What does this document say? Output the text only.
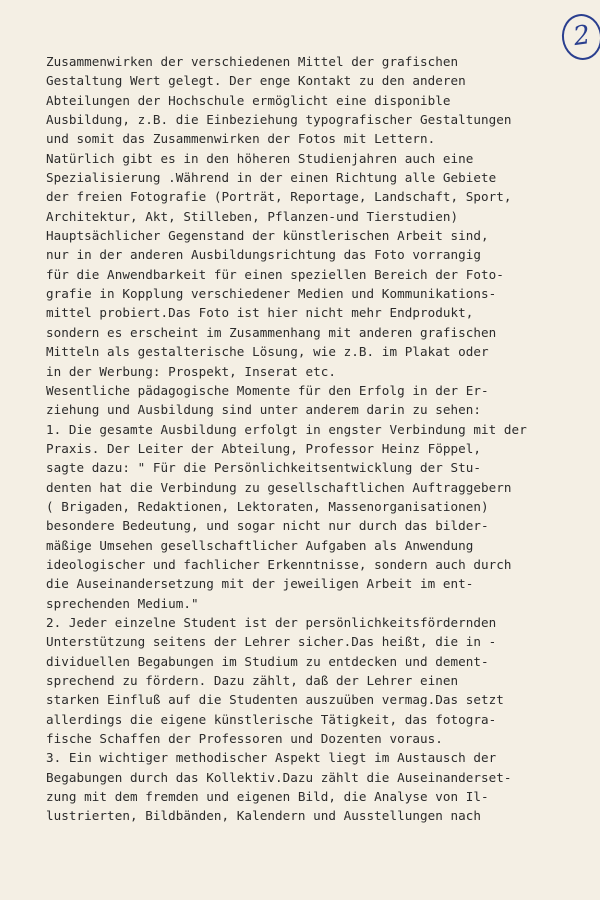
2
Zusammenwirken der verschiedenen Mittel der grafischen
Gestaltung Wert gelegt. Der enge Kontakt zu den anderen
Abteilungen der Hochschule ermöglicht eine disponible
Ausbildung, z.B. die Einbeziehung typografischer Gestaltungen
und somit das Zusammenwirken der Fotos mit Lettern.
Natürlich gibt es in den höheren Studienjahren auch eine
Spezialisierung .Während in der einen Richtung alle Gebiete
der freien Fotografie (Porträt, Reportage, Landschaft, Sport,
Architektur, Akt, Stilleben, Pflanzen-und Tierstudien)
Hauptsächlicher Gegenstand der künstlerischen Arbeit sind,
nur in der anderen Ausbildungsrichtung das Foto vorrangig
für die Anwendbarkeit für einen speziellen Bereich der Foto-
grafie in Kopplung verschiedener Medien und Kommunikations-
mittel probiert.Das Foto ist hier nicht mehr Endprodukt,
sondern es erscheint im Zusammenhang mit anderen grafischen
Mitteln als gestalterische Lösung, wie z.B. im Plakat oder
in der Werbung: Prospekt, Inserat etc.
Wesentliche pädagogische Momente für den Erfolg in der Er-
ziehung und Ausbildung sind unter anderem darin zu sehen:
1. Die gesamte Ausbildung erfolgt in engster Verbindung mit der
Praxis. Der Leiter der Abteilung, Professor Heinz Föppel,
sagte dazu: " Für die Persönlichkeitsentwicklung der Stu-
denten hat die Verbindung zu gesellschaftlichen Auftraggebern
( Brigaden, Redaktionen, Lektoraten, Massenorganisationen)
besondere Bedeutung, und sogar nicht nur durch das bilder-
mäßige Umsehen gesellschaftlicher Aufgaben als Anwendung
ideologischer und fachlicher Erkenntnisse, sondern auch durch
die Auseinandersetzung mit der jeweiligen Arbeit im ent-
sprechenden Medium."
2. Jeder einzelne Student ist der persönlichkeitsfördernden
Unterstützung seitens der Lehrer sicher.Das heißt, die in -
dividuellen Begabungen im Studium zu entdecken und dement-
sprechend zu fördern. Dazu zählt, daß der Lehrer einen
starken Einfluß auf die Studenten auszuüben vermag.Das setzt
allerdings die eigene künstlerische Tätigkeit, das fotogra-
fische Schaffen der Professoren und Dozenten voraus.
3. Ein wichtiger methodischer Aspekt liegt im Austausch der
Begabungen durch das Kollektiv.Dazu zählt die Auseinanderset-
zung mit dem fremden und eigenen Bild, die Analyse von Il-
lustrierten, Bildbänden, Kalendern und Ausstellungen nach
